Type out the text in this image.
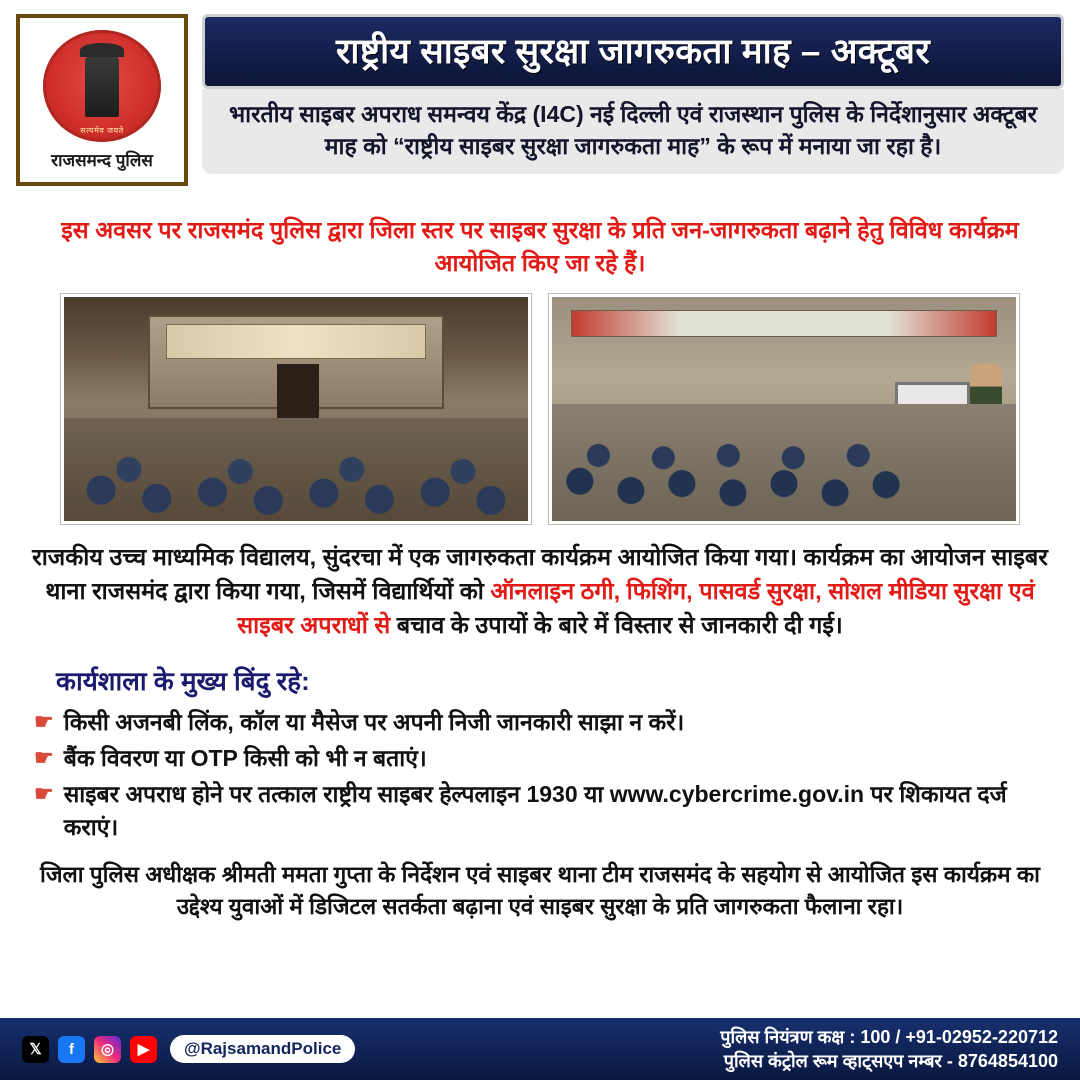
सत्यमेव जयते
राजसमन्द पुलिस
राष्ट्रीय साइबर सुरक्षा जागरुकता माह – अक्टूबर
भारतीय साइबर अपराध समन्वय केंद्र (I4C) नई दिल्ली एवं राजस्थान पुलिस के निर्देशानुसार अक्टूबर माह को “राष्ट्रीय साइबर सुरक्षा जागरुकता माह” के रूप में मनाया जा रहा है।
इस अवसर पर राजसमंद पुलिस द्वारा जिला स्तर पर साइबर सुरक्षा के प्रति जन-जागरुकता बढ़ाने हेतु विविध कार्यक्रम आयोजित किए जा रहे हैं।
राजकीय उच्च माध्यमिक विद्यालय, सुंदरचा में एक जागरुकता कार्यक्रम आयोजित किया गया। कार्यक्रम का आयोजन साइबर थाना राजसमंद द्वारा किया गया, जिसमें विद्यार्थियों को ऑनलाइन ठगी, फिशिंग, पासवर्ड सुरक्षा, सोशल मीडिया सुरक्षा एवं साइबर अपराधों से बचाव के उपायों के बारे में विस्तार से जानकारी दी गई।
कार्यशाला के मुख्य बिंदु रहे:
☛ किसी अजनबी लिंक, कॉल या मैसेज पर अपनी निजी जानकारी साझा न करें।
☛ बैंक विवरण या OTP किसी को भी न बताएं।
☛ साइबर अपराध होने पर तत्काल राष्ट्रीय साइबर हेल्पलाइन 1930 या www.cybercrime.gov.in पर शिकायत दर्ज कराएं।
जिला पुलिस अधीक्षक श्रीमती ममता गुप्ता के निर्देशन एवं साइबर थाना टीम राजसमंद के सहयोग से आयोजित इस कार्यक्रम का उद्देश्य युवाओं में डिजिटल सतर्कता बढ़ाना एवं साइबर सुरक्षा के प्रति जागरुकता फैलाना रहा।
𝕏	f	◎	▶	@RajsamandPolice
पुलिस नियंत्रण कक्ष : 100 / +91-02952-220712
पुलिस कंट्रोल रूम व्हाट्सएप नम्बर - 8764854100
